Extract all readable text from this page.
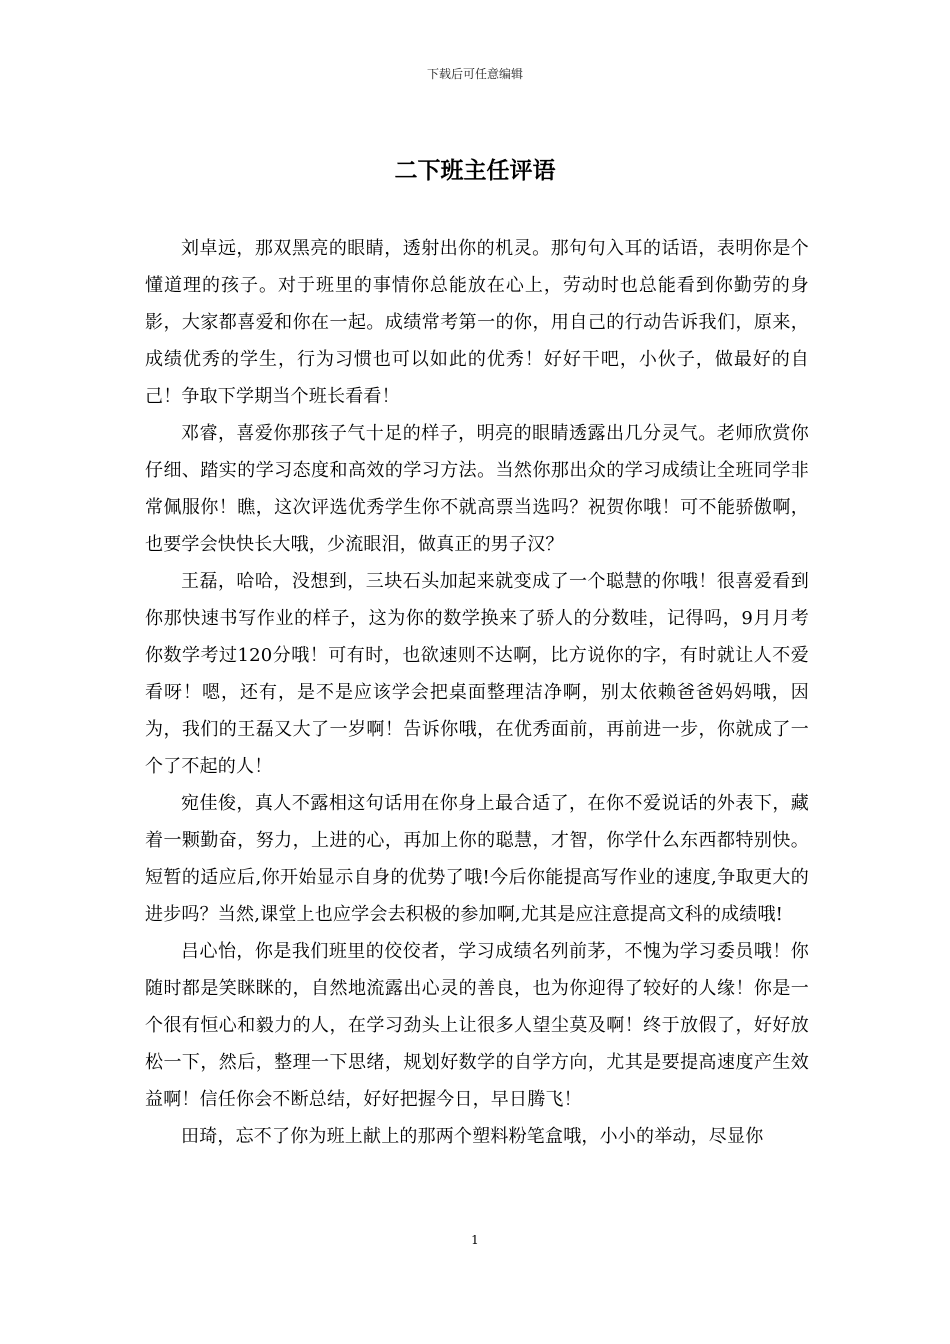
下载后可任意编辑
二下班主任评语

刘卓远，那双黑亮的眼睛，透射出你的机灵。那句句入耳的话语，表明你是个懂道理的孩子。对于班里的事情你总能放在心上，劳动时也总能看到你勤劳的身影，大家都喜爱和你在一起。成绩常考第一的你，用自己的行动告诉我们，原来，成绩优秀的学生，行为习惯也可以如此的优秀！好好干吧，小伙子，做最好的自己！争取下学期当个班长看看！

邓睿，喜爱你那孩子气十足的样子，明亮的眼睛透露出几分灵气。老师欣赏你仔细、踏实的学习态度和高效的学习方法。当然你那出众的学习成绩让全班同学非常佩服你！瞧，这次评选优秀学生你不就高票当选吗？祝贺你哦！可不能骄傲啊，也要学会快快长大哦，少流眼泪，做真正的男子汉？

王磊，哈哈，没想到，三块石头加起来就变成了一个聪慧的你哦！很喜爱看到你那快速书写作业的样子，这为你的数学换来了骄人的分数哇，记得吗，9月月考你数学考过120分哦！可有时，也欲速则不达啊，比方说你的字，有时就让人不爱看呀！嗯，还有，是不是应该学会把桌面整理洁净啊，别太依赖爸爸妈妈哦，因为，我们的王磊又大了一岁啊！告诉你哦，在优秀面前，再前进一步，你就成了一个了不起的人！

宛佳俊，真人不露相这句话用在你身上最合适了，在你不爱说话的外表下，藏着一颗勤奋，努力，上进的心，再加上你的聪慧，才智，你学什么东西都特别快。短暂的适应后,你开始显示自身的优势了哦!今后你能提高写作业的速度,争取更大的进步吗？当然,课堂上也应学会去积极的参加啊,尤其是应注意提高文科的成绩哦!

吕心怡，你是我们班里的佼佼者，学习成绩名列前茅，不愧为学习委员哦！你随时都是笑眯眯的，自然地流露出心灵的善良，也为你迎得了较好的人缘！你是一个很有恒心和毅力的人，在学习劲头上让很多人望尘莫及啊！终于放假了，好好放松一下，然后，整理一下思绪，规划好数学的自学方向，尤其是要提高速度产生效益啊！信任你会不断总结，好好把握今日，早日腾飞！

田琦，忘不了你为班上献上的那两个塑料粉笔盒哦，小小的举动，尽显你

1
